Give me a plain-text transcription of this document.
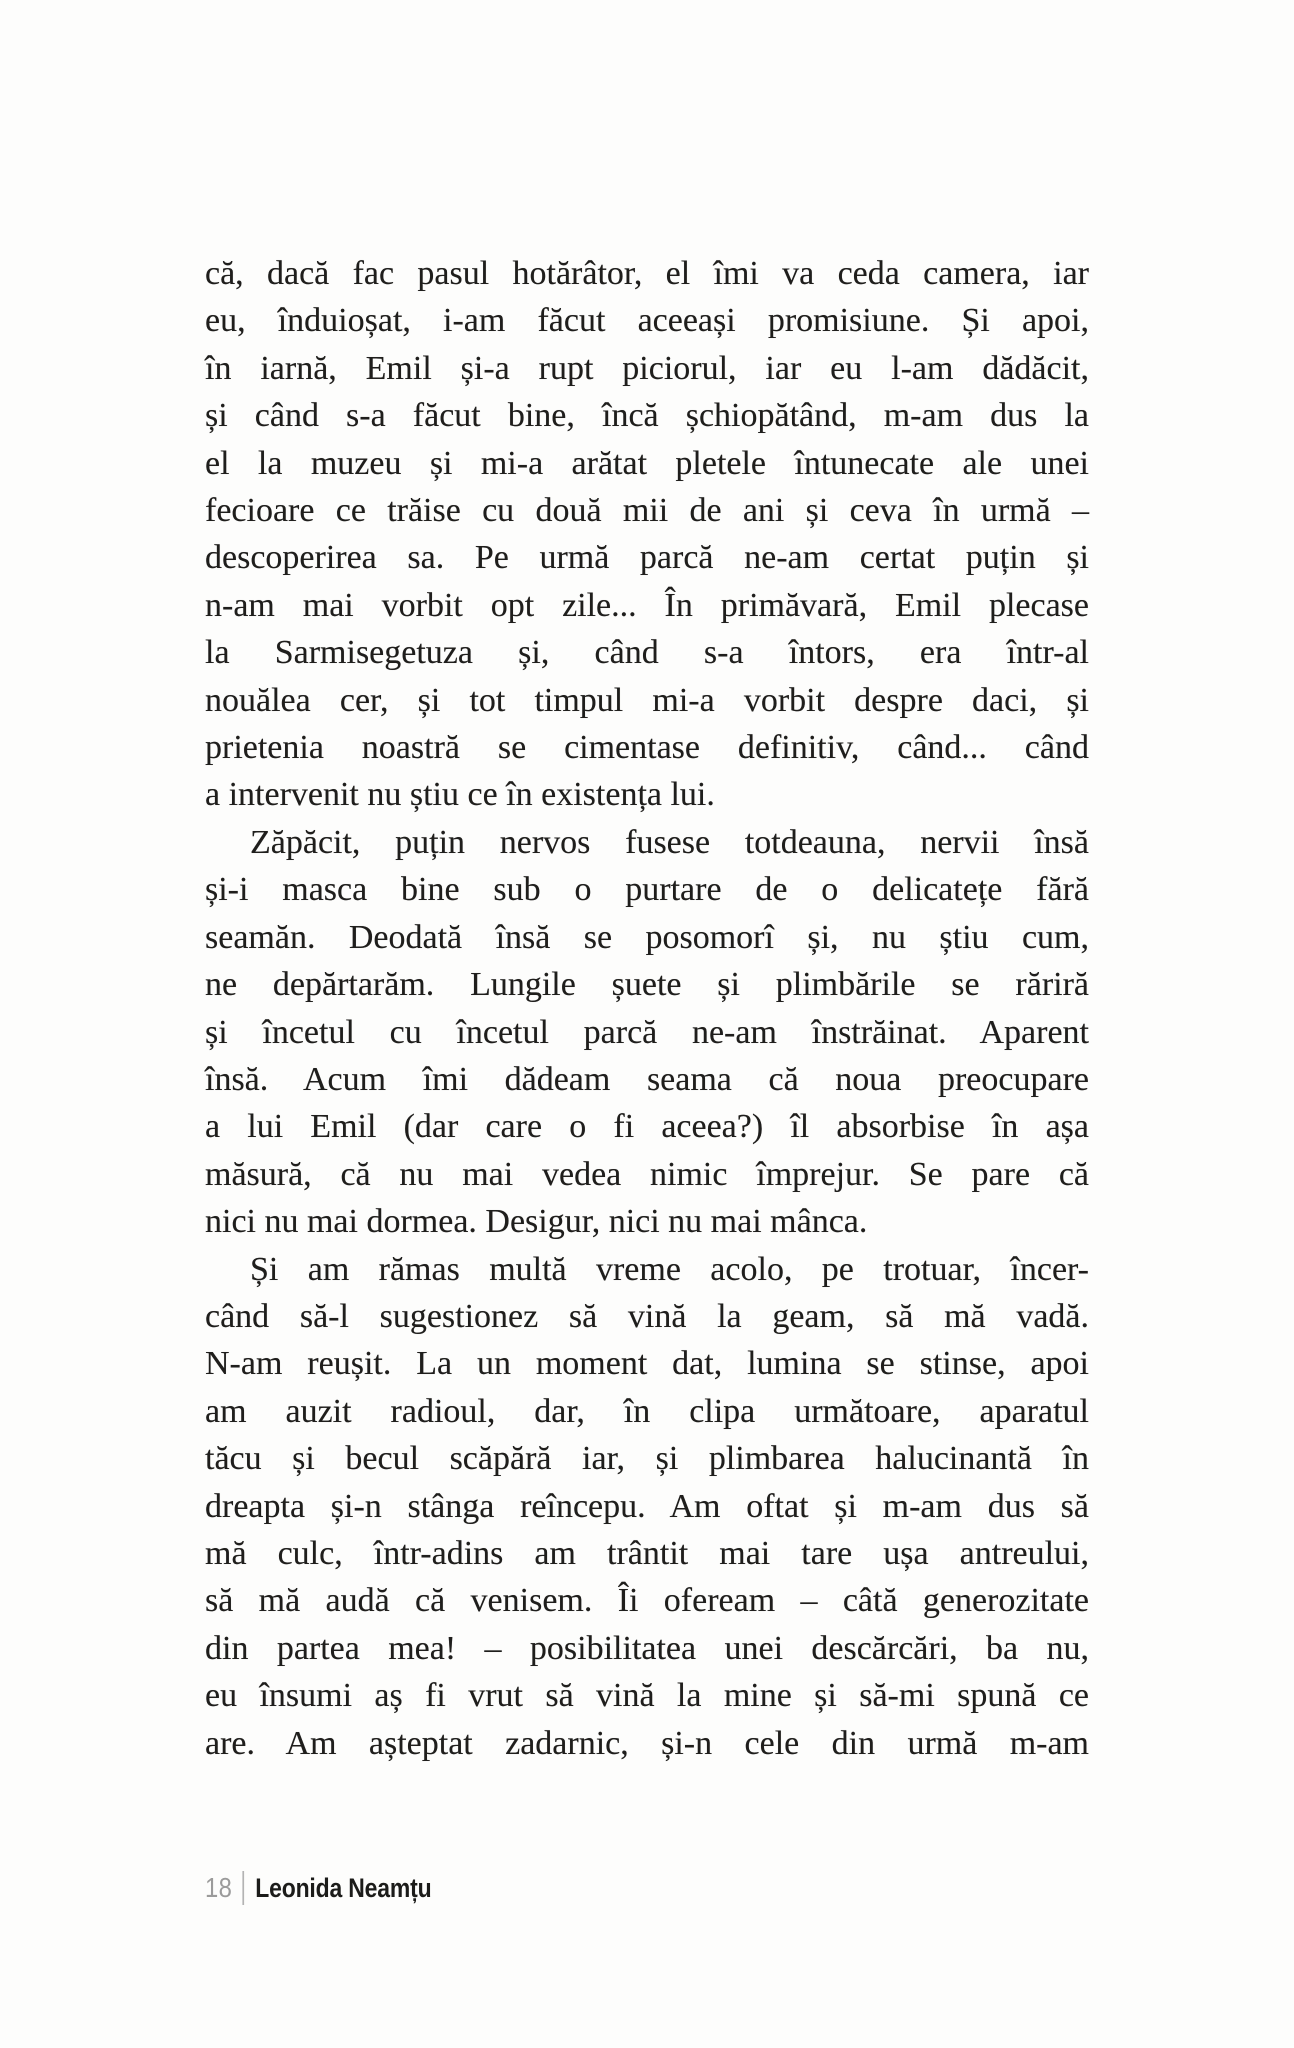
că, dacă fac pasul hotărâtor, el îmi va ceda camera, iar
eu, înduioșat, i-am făcut aceeași promisiune. Și apoi,
în iarnă, Emil și-a rupt piciorul, iar eu l-am dădăcit,
și când s-a făcut bine, încă șchiopătând, m-am dus la
el la muzeu și mi-a arătat pletele întunecate ale unei
fecioare ce trăise cu două mii de ani și ceva în urmă –
descoperirea sa. Pe urmă parcă ne-am certat puțin și
n-am mai vorbit opt zile... În primăvară, Emil plecase
la Sarmisegetuza și, când s-a întors, era într-al
nouălea cer, și tot timpul mi-a vorbit despre daci, și
prietenia noastră se cimentase definitiv, când... când
a intervenit nu știu ce în existența lui.
Zăpăcit, puțin nervos fusese totdeauna, nervii însă
și-i masca bine sub o purtare de o delicatețe fără
seamăn. Deodată însă se posomorî și, nu știu cum,
ne depărtarăm. Lungile șuete și plimbările se răriră
și încetul cu încetul parcă ne-am înstrăinat. Aparent
însă. Acum îmi dădeam seama că noua preocupare
a lui Emil (dar care o fi aceea?) îl absorbise în așa
măsură, că nu mai vedea nimic împrejur. Se pare că
nici nu mai dormea. Desigur, nici nu mai mânca.
Și am rămas multă vreme acolo, pe trotuar, încer-
când să-l sugestionez să vină la geam, să mă vadă.
N-am reușit. La un moment dat, lumina se stinse, apoi
am auzit radioul, dar, în clipa următoare, aparatul
tăcu și becul scăpără iar, și plimbarea halucinantă în
dreapta și-n stânga reîncepu. Am oftat și m-am dus să
mă culc, într-adins am trântit mai tare ușa antreului,
să mă audă că venisem. Îi ofeream – câtă generozitate
din partea mea! – posibilitatea unei descărcări, ba nu,
eu însumi aș fi vrut să vină la mine și să-mi spună ce
are. Am așteptat zadarnic, și-n cele din urmă m-am
18 Leonida Neamțu
